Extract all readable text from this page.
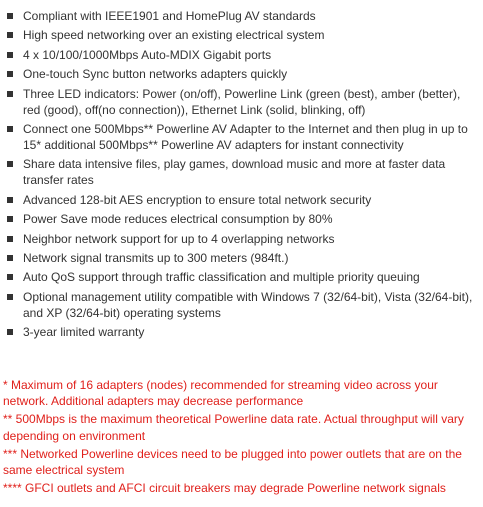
Compliant with IEEE1901 and HomePlug AV standards
High speed networking over an existing electrical system
4 x 10/100/1000Mbps Auto-MDIX Gigabit ports
One-touch Sync button networks adapters quickly
Three LED indicators: Power (on/off), Powerline Link (green (best), amber (better), red (good), off(no connection)), Ethernet Link (solid, blinking, off)
Connect one 500Mbps** Powerline AV Adapter to the Internet and then plug in up to 15* additional 500Mbps** Powerline AV adapters for instant connectivity
Share data intensive files, play games, download music and more at faster data transfer rates
Advanced 128-bit AES encryption to ensure total network security
Power Save mode reduces electrical consumption by 80%
Neighbor network support for up to 4 overlapping networks
Network signal transmits up to 300 meters (984ft.)
Auto QoS support through traffic classification and multiple priority queuing
Optional management utility compatible with Windows 7 (32/64-bit), Vista (32/64-bit), and XP (32/64-bit) operating systems
3-year limited warranty

* Maximum of 16 adapters (nodes) recommended for streaming video across your network. Additional adapters may decrease performance

** 500Mbps is the maximum theoretical Powerline data rate. Actual throughput will vary depending on environment

*** Networked Powerline devices need to be plugged into power outlets that are on the same electrical system

**** GFCI outlets and AFCI circuit breakers may degrade Powerline network signals
